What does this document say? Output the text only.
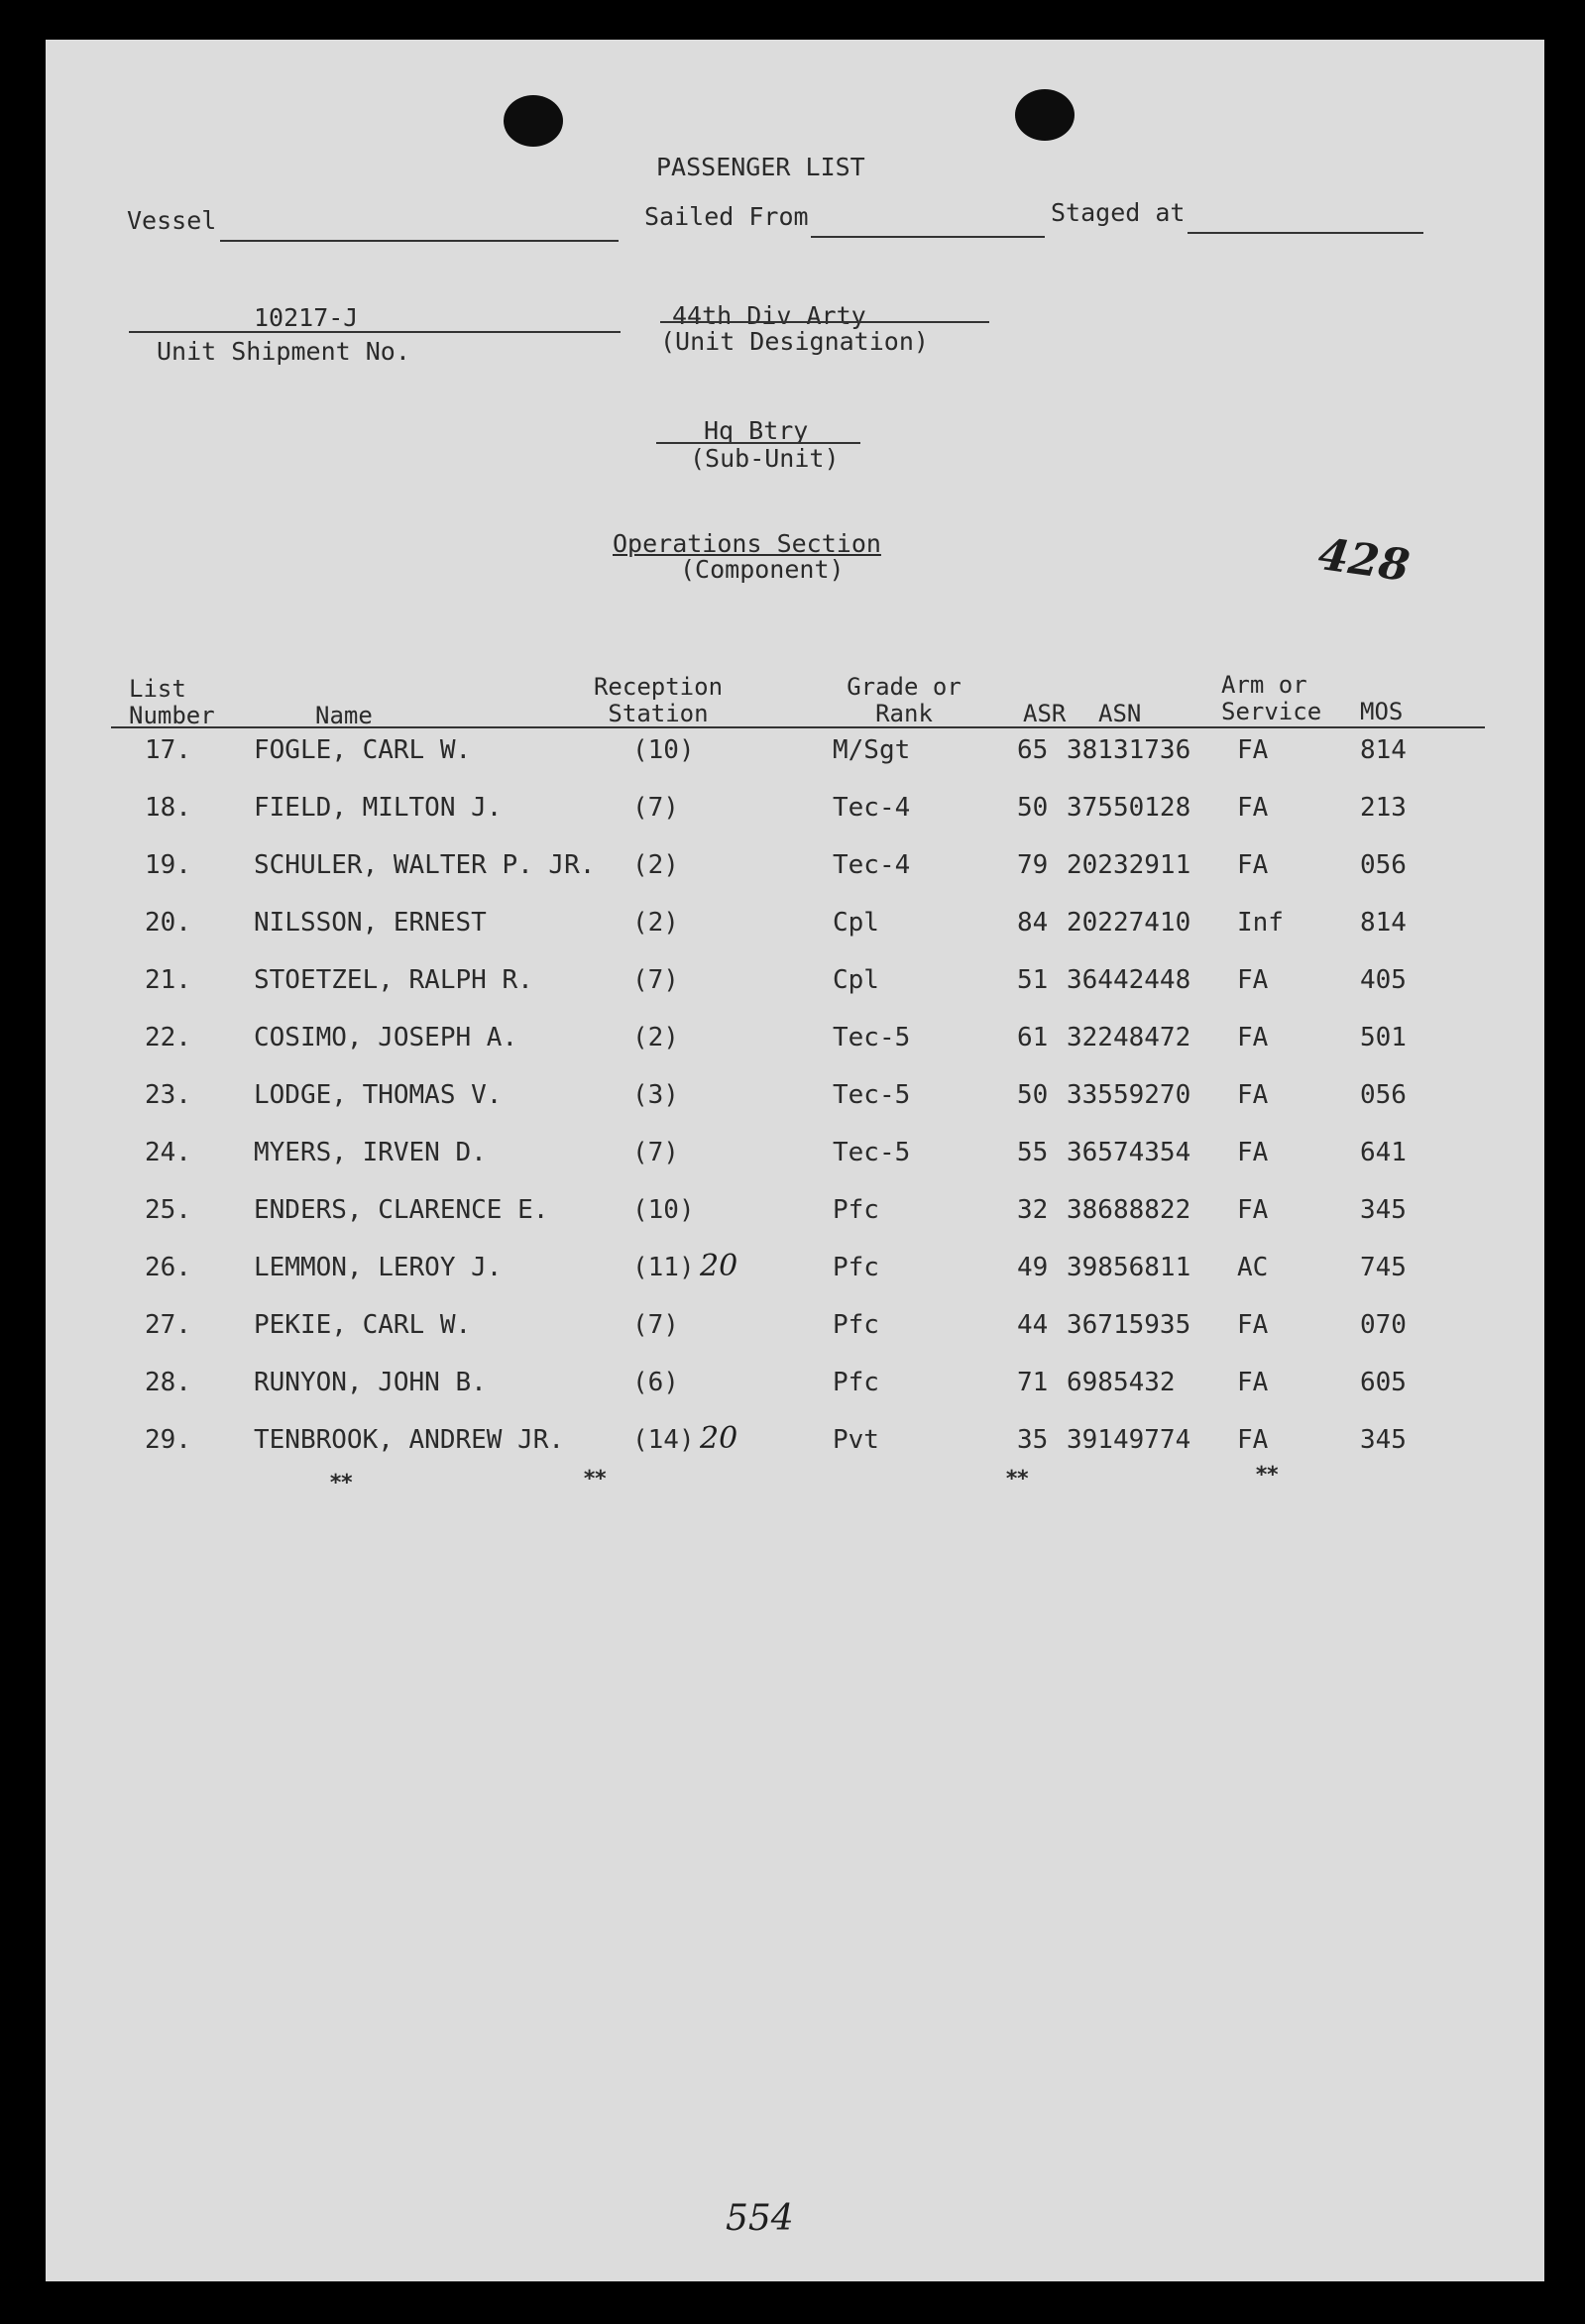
PASSENGER LIST
Vessel	Sailed From	Staged at
10217-J
Unit Shipment No.
44th Div Arty
(Unit Designation)
Hq Btry
(Sub-Unit)
Operations Section
(Component)	428
List
Number	Name
Reception
Station
Grade or
Rank	ASR ASN
Arm or
Service MOS
17. FOGLE, CARL W.	(10)	M/Sgt	65 38131736 FA	814
18. FIELD, MILTON J.	(7)	Tec-4	50 37550128 FA	213
19. SCHULER, WALTER P. JR. (2)	Tec-4	79 20232911 FA	056
20. NILSSON, ERNEST	(2)	Cpl	84 20227410 Inf	814
21. STOETZEL, RALPH R.	(7)	Cpl	51 36442448 FA	405
22. COSIMO, JOSEPH A.	(2)	Tec-5	61 32248472 FA	501
23. LODGE, THOMAS V.	(3)	Tec-5	50 33559270 FA	056
24. MYERS, IRVEN D.	(7)	Tec-5	55 36574354 FA	641
25. ENDERS, CLARENCE E.	(10)	Pfc	32 38688822 FA	345
26. LEMMON, LEROY J.	(11)	Pfc	49 39856811 AC	745
20
27. PEKIE, CARL W.	(7)	Pfc	44 36715935 FA	070
28. RUNYON, JOHN B.	(6)	Pfc	71 6985432 FA	605
29. TENBROOK, ANDREW JR.	(14)	Pvt	35 39149774 FA	345
20
**	**	**	**
554
